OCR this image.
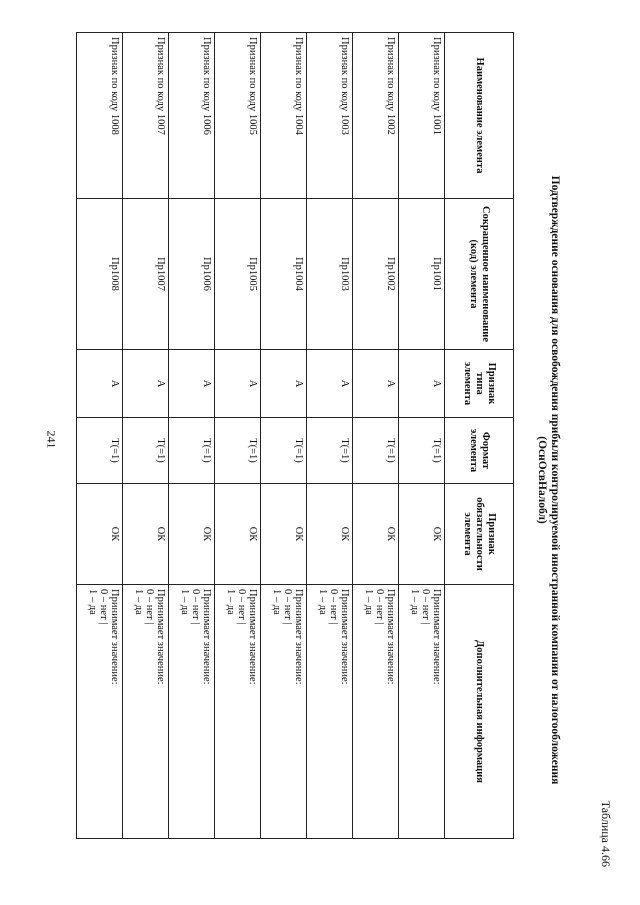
241
Таблица 4.66
Подтверждение основания для освобождения прибыли контролируемой иностранной компании от налогообложения
(ОснОсвНалобл)
Наименование элемента	Сокращенное наименование (код) элемента	Признак типа элемента	Формат элемента	Признак обязательности элемента	Дополнительная информация
Признак по коду 1001	Пр1001	А	Т(=1)	ОК	Принимает значение:
0 – нет |
1 – да

Признак по коду 1002	Пр1002	А	Т(=1)	ОК	Принимает значение:
0 – нет |
1 – да

Признак по коду 1003	Пр1003	А	Т(=1)	ОК	Принимает значение:
0 – нет |
1 – да

Признак по коду 1004	Пр1004	А	Т(=1)	ОК	Принимает значение:
0 – нет |
1 – да

Признак по коду 1005	Пр1005	А	Т(=1)	ОК	Принимает значение:
0 – нет |
1 – да

Признак по коду 1006	Пр1006	А	Т(=1)	ОК	Принимает значение:
0 – нет |
1 – да

Признак по коду 1007	Пр1007	А	Т(=1)	ОК	Принимает значение:
0 – нет |
1 – да

Признак по коду 1008	Пр1008	А	Т(=1)	ОК	Принимает значение:
0 – нет |
1 – да
